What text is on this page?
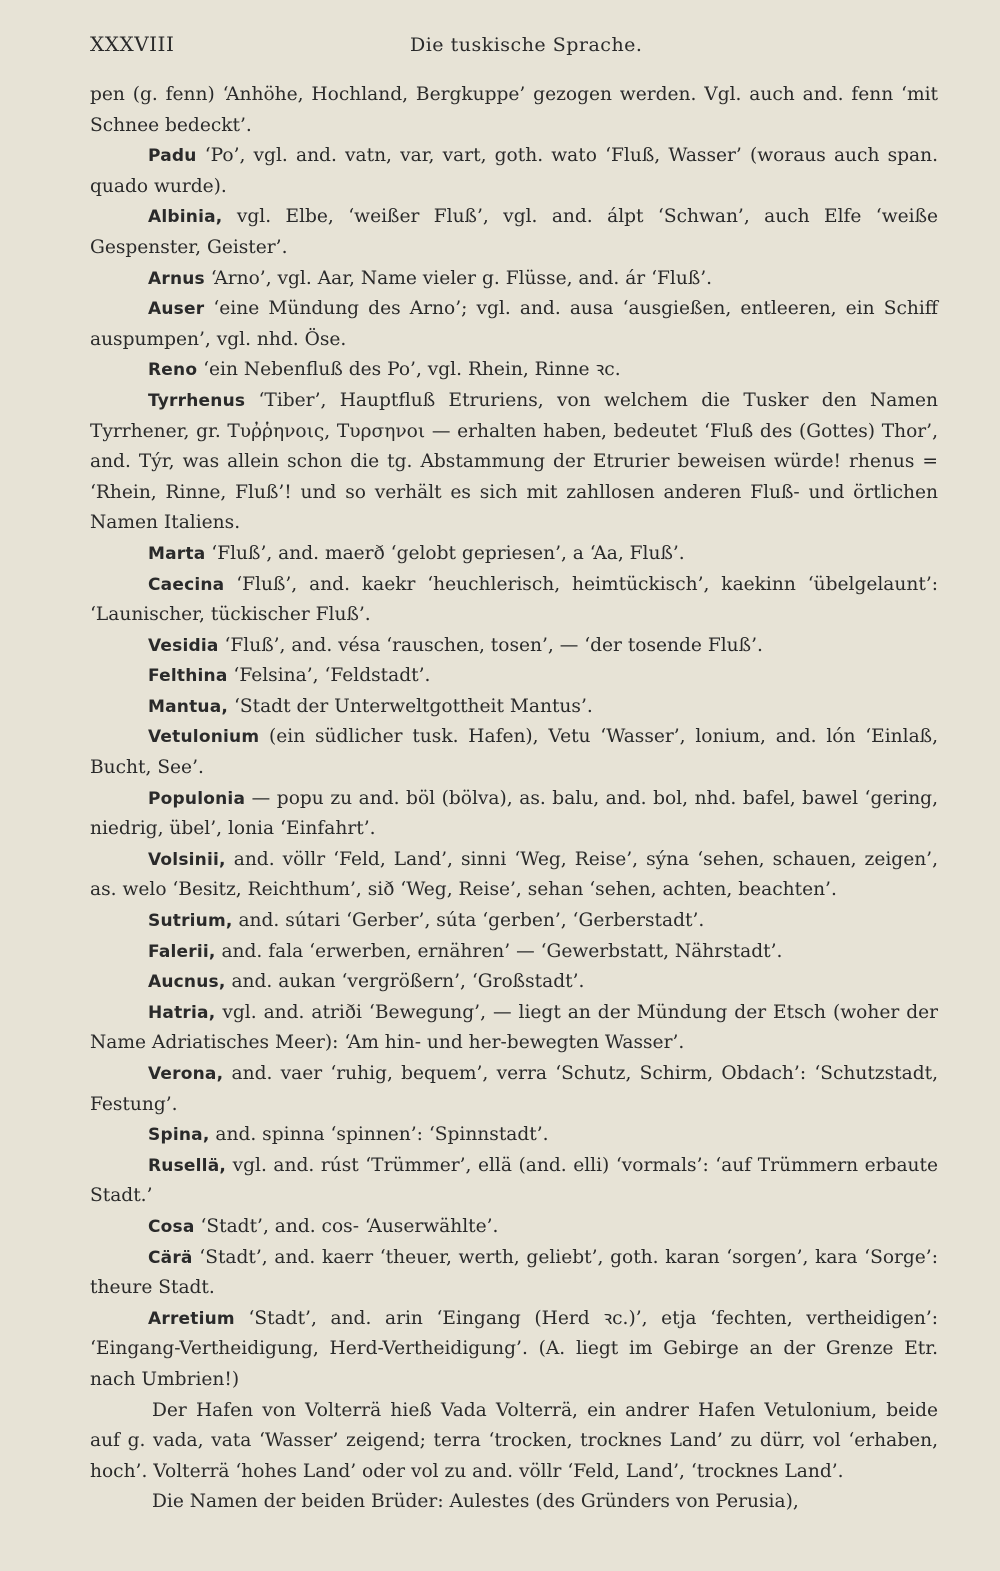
XXXVIII	Die tuskische Sprache.

pen (g. fenn) ‘Anhöhe, Hochland, Bergkuppe’ gezogen werden. Vgl. auch and. fenn ‘mit Schnee bedeckt’.

Padu ‘Po’, vgl. and. vatn, var, vart, goth. wato ‘Fluß, Wasser’ (woraus auch span. quado wurde).

Albinia, vgl. Elbe, ‘weißer Fluß’, vgl. and. álpt ‘Schwan’, auch Elfe ‘weiße Gespenster, Geister’.

Arnus ‘Arno’, vgl. Aar, Name vieler g. Flüsse, and. ár ‘Fluß’.

Auser ‘eine Mündung des Arno’; vgl. and. ausa ‘ausgießen, entleeren, ein Schiff auspumpen’, vgl. nhd. Öse.

Reno ‘ein Nebenfluß des Po’, vgl. Rhein, Rinne ꝛc.

Tyrrhenus ‘Tiber’, Hauptfluß Etruriens, von welchem die Tusker den Namen Tyrrhener, gr. Τυῤῥηνοις, Τυρσηνοι — erhalten haben, bedeutet ‘Fluß des (Gottes) Thor’, and. Týr, was allein schon die tg. Abstammung der Etrurier beweisen würde! rhenus = ‘Rhein, Rinne, Fluß’! und so verhält es sich mit zahllosen anderen Fluß- und örtlichen Namen Italiens.

Marta ‘Fluß’, and. maerð ‘gelobt gepriesen’, a ‘Aa, Fluß’.

Caecina ‘Fluß’, and. kaekr ‘heuchlerisch, heimtückisch’, kaekinn ‘übelgelaunt’: ‘Launischer, tückischer Fluß’.

Vesidia ‘Fluß’, and. vésa ‘rauschen, tosen’, — ‘der tosende Fluß’.

Felthina ‘Felsina’, ‘Feldstadt’.

Mantua, ‘Stadt der Unterweltgottheit Mantus’.

Vetulonium (ein südlicher tusk. Hafen), Vetu ‘Wasser’, lonium, and. lón ‘Einlaß, Bucht, See’.

Populonia — popu zu and. böl (bölva), as. balu, and. bol, nhd. bafel, bawel ‘gering, niedrig, übel’, lonia ‘Einfahrt’.

Volsinii, and. völlr ‘Feld, Land’, sinni ‘Weg, Reise’, sýna ‘sehen, schauen, zeigen’, as. welo ‘Besitz, Reichthum’, sið ‘Weg, Reise’, sehan ‘sehen, achten, beachten’.

Sutrium, and. sútari ‘Gerber’, súta ‘gerben’, ‘Gerberstadt’.

Falerii, and. fala ‘erwerben, ernähren’ — ‘Gewerbstatt, Nährstadt’.

Aucnus, and. aukan ‘vergrößern’, ‘Großstadt’.

Hatria, vgl. and. atriði ‘Bewegung’, — liegt an der Mündung der Etsch (woher der Name Adriatisches Meer): ‘Am hin- und her-bewegten Wasser’.

Verona, and. vaer ‘ruhig, bequem’, verra ‘Schutz, Schirm, Obdach’: ‘Schutzstadt, Festung’.

Spina, and. spinna ‘spinnen’: ‘Spinnstadt’.

Rusellä, vgl. and. rúst ‘Trümmer’, ellä (and. elli) ‘vormals’: ‘auf Trümmern erbaute Stadt.’

Cosa ‘Stadt’, and. cos- ‘Auserwählte’.

Cärä ‘Stadt’, and. kaerr ‘theuer, werth, geliebt’, goth. karan ‘sorgen’, kara ‘Sorge’: theure Stadt.

Arretium ‘Stadt’, and. arin ‘Eingang (Herd ꝛc.)’, etja ‘fechten, vertheidigen’: ‘Eingang-Vertheidigung, Herd-Vertheidigung’. (A. liegt im Gebirge an der Grenze Etr. nach Umbrien!)

Der Hafen von Volterrä hieß Vada Volterrä, ein andrer Hafen Vetulonium, beide auf g. vada, vata ‘Wasser’ zeigend; terra ‘trocken, trocknes Land’ zu dürr, vol ‘erhaben, hoch’. Volterrä ‘hohes Land’ oder vol zu and. völlr ‘Feld, Land’, ‘trocknes Land’.

Die Namen der beiden Brüder: Aulestes (des Gründers von Perusia),
